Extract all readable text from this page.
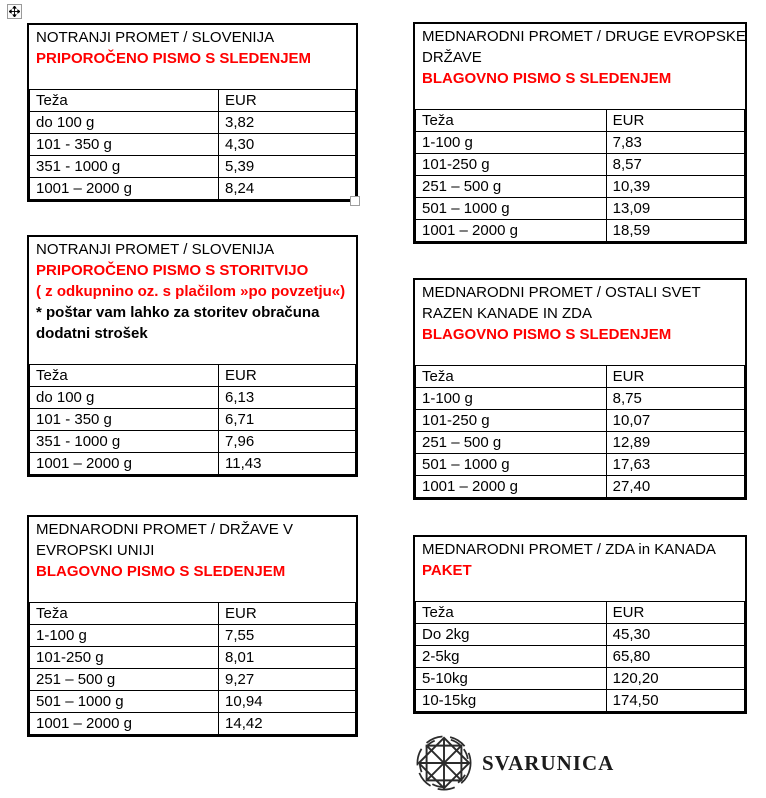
NOTRANJI PROMET / SLOVENIJA
PRIPOROČENO PISMO S SLEDENJEM
Teža	EUR
do 100 g	3,82
101 - 350 g	4,30
351 - 1000 g	5,39
1001 – 2000 g	8,24
NOTRANJI PROMET / SLOVENIJA
PRIPOROČENO PISMO S STORITVIJO
( z odkupnino oz. s plačilom »po povzetju«)
* poštar vam lahko za storitev obračuna
dodatni strošek
Teža	EUR
do 100 g	6,13
101 - 350 g	6,71
351 - 1000 g	7,96
1001 – 2000 g	11,43
MEDNARODNI PROMET / DRŽAVE V
EVROPSKI UNIJI
BLAGOVNO PISMO S SLEDENJEM
Teža	EUR
1-100 g	7,55
101-250 g	8,01
251 – 500 g	9,27
501 – 1000 g	10,94
1001 – 2000 g	14,42
MEDNARODNI PROMET / DRUGE EVROPSKE
DRŽAVE
BLAGOVNO PISMO S SLEDENJEM
Teža	EUR
1-100 g	7,83
101-250 g	8,57
251 – 500 g	10,39
501 – 1000 g	13,09
1001 – 2000 g	18,59
MEDNARODNI PROMET / OSTALI SVET
RAZEN KANADE IN ZDA
BLAGOVNO PISMO S SLEDENJEM
Teža	EUR
1-100 g	8,75
101-250 g	10,07
251 – 500 g	12,89
501 – 1000 g	17,63
1001 – 2000 g	27,40
MEDNARODNI PROMET / ZDA in KANADA
PAKET
Teža	EUR
Do 2kg	45,30
2-5kg	65,80
5-10kg	120,20
10-15kg	174,50
SVARUNICA
